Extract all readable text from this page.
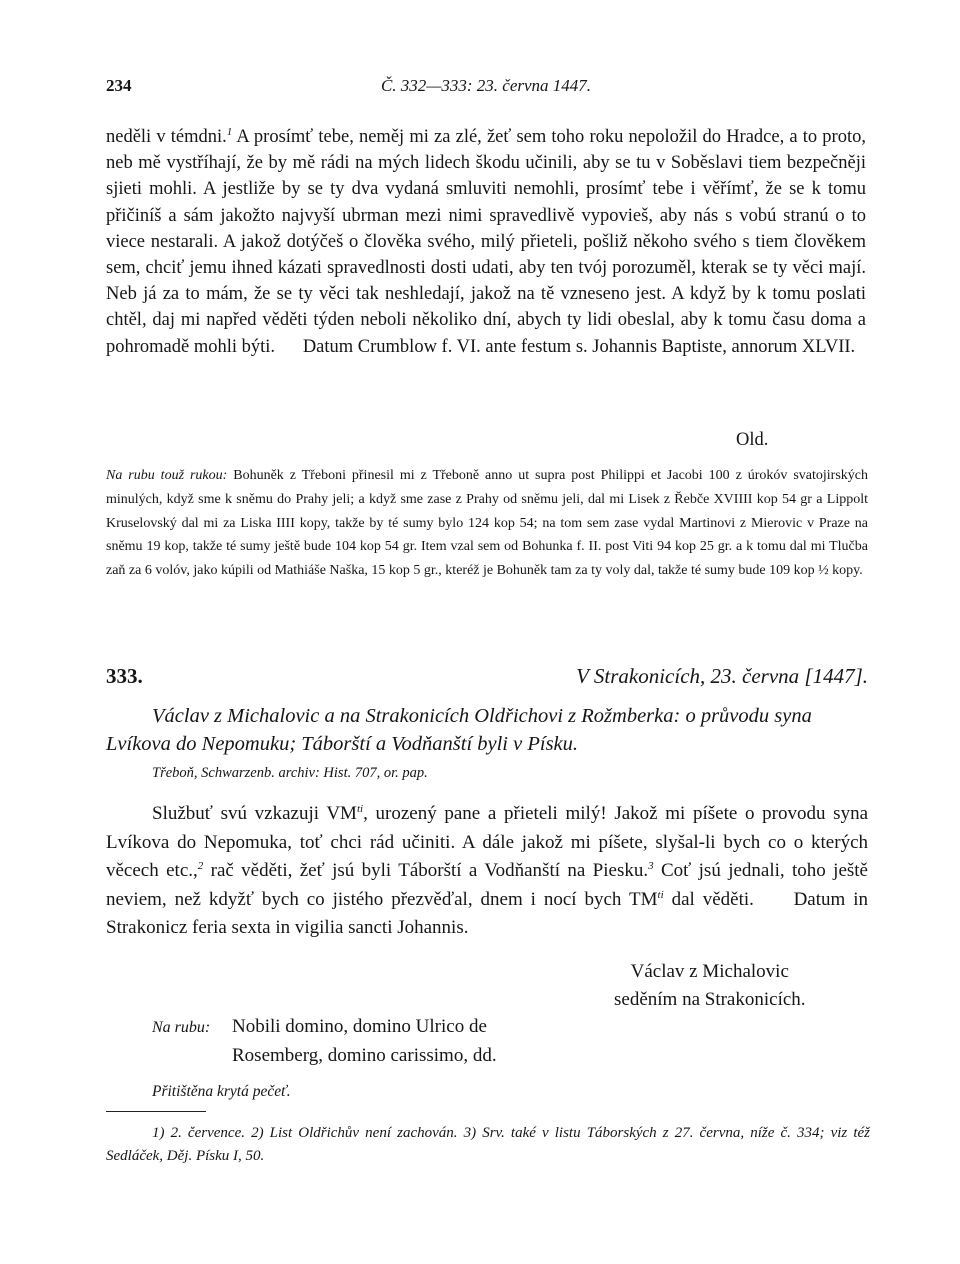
234	Č. 332—333: 23. června 1447.

neděli v témdni.$^1$ A prosímť tebe, neměj mi za zlé, žeť sem toho roku nepoložil do Hradce, a to proto, neb mě vystříhají, že by mě rádi na mých lidech škodu učinili, aby se tu v Soběslavi tiem bezpečněji sjieti mohli. A jestliže by se ty dva vydaná smluviti nemohli, prosímť tebe i věřímť, že se k tomu přičiníš a sám jakožto najvyší ubrman mezi nimi spravedlivě vypovieš, aby nás s vobú stranú o to viece nestarali. A jakož dotýčeš o člověka svého, milý přieteli, pošliž někoho svého s tiem člověkem sem, chciť jemu ihned kázati spravedlnosti dosti udati, aby ten tvój porozuměl, kterak se ty věci mají. Neb já za to mám, že se ty věci tak neshledají, jakož na tě vzneseno jest. A když by k tomu poslati chtěl, daj mi napřed věděti týden neboli několiko dní, abych ty lidi obeslal, aby k tomu času doma a pohromadě mohli býti. Datum Crumblow f. VI. ante festum s. Johannis Baptiste, annorum XLVII.

Old.
Na rubu touž rukou: Bohuněk z Třeboni přinesil mi z Třeboně anno ut supra post Philippi et Jacobi 100 z úrokóv svatojirských minulých, když sme k sněmu do Prahy jeli; a když sme zase z Prahy od sněmu jeli, dal mi Lisek z Řebče XVIIII kop 54 gr a Lippolt Kruselovský dal mi za Liska IIII kopy, takže by té sumy bylo 124 kop 54; na tom sem zase vydal Martinovi z Mierovic v Praze na sněmu 19 kop, takže té sumy ještě bude 104 kop 54 gr. Item vzal sem od Bohunka f. II. post Viti 94 kop 25 gr. a k tomu dal mi Tlučba zaň za 6 volóv, jako kúpili od Mathiáše Naška, 15 kop 5 gr., kteréž je Bohuněk tam za ty voly dal, takže té sumy bude 109 kop ½ kopy.
333.	V Strakonicích, 23. června [1447].
Václav z Michalovic a na Strakonicích Oldřichovi z Rožmberka: o průvodu syna Lvíkova do Nepomuku; Táborští a Vodňanští byli v Písku.
Třeboň, Schwarzenb. archiv: Hist. 707, or. pap.

Službuť svú vzkazuji $VM^{ti}$, urozený pane a přieteli milý! Jakož mi píšete o provodu syna Lvíkova do Nepomuka, toť chci rád učiniti. A dále jakož mi píšete, slyšal-li bych co o kterých věcech etc.,$^2$ rač věděti, žeť jsú byli Táborští a Vodňanští na Piesku.$^3$ Coť jsú jednali, toho ještě neviem, než kdyžť bych co jistého přezvěďal, dnem i nocí bych $TM^{ti}$ dal věděti. Datum in Strakonicz feria sexta in vigilia sancti Johannis.

Václav z Michalovic
seděním na Strakonicích.
Na rubu: Nobili domino, domino Ulrico de
Rosemberg, domino carissimo, dd.
Přitištěna krytá pečeť.
1) 2. července. 2) List Oldřichův není zachován. 3) Srv. také v listu Táborských z 27. června, níže č. 334; viz též Sedláček, Děj. Písku I, 50.
